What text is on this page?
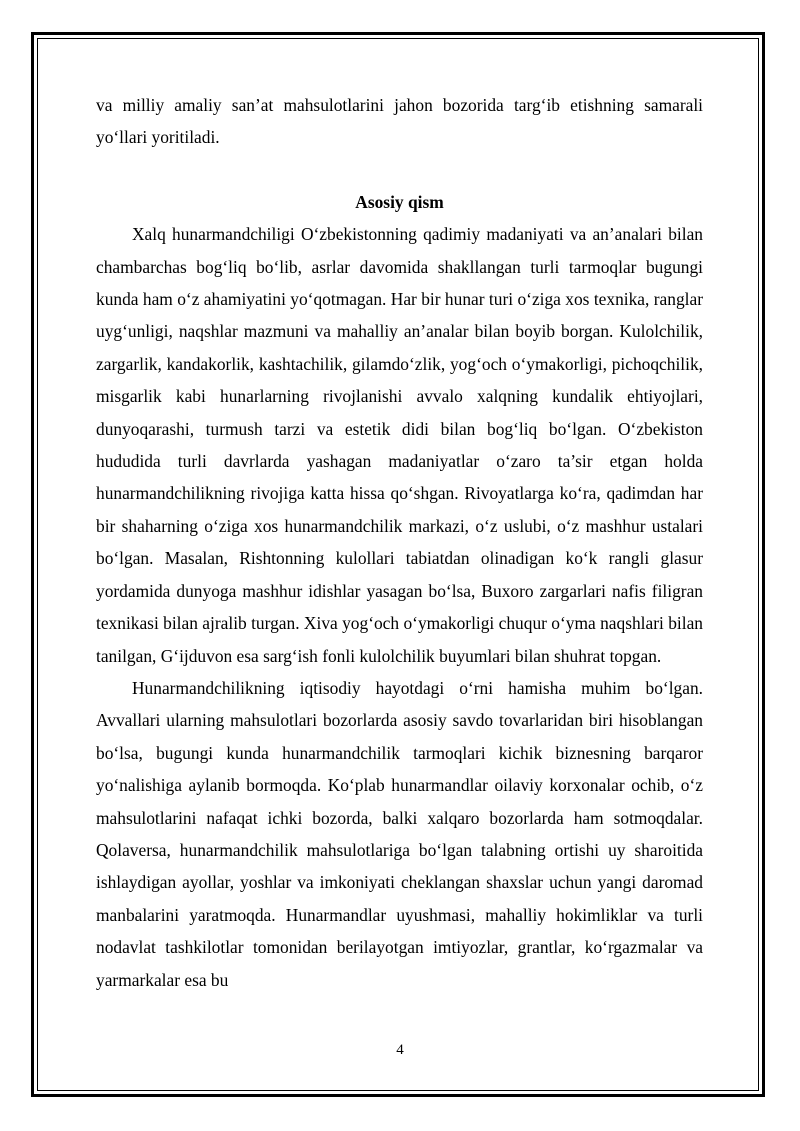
va milliy amaliy san’at mahsulotlarini jahon bozorida targ‘ib etishning samarali yo‘llari yoritiladi.

Asosiy qism

Xalq hunarmandchiligi O‘zbekistonning qadimiy madaniyati va an’analari bilan chambarchas bog‘liq bo‘lib, asrlar davomida shakllangan turli tarmoqlar bugungi kunda ham o‘z ahamiyatini yo‘qotmagan. Har bir hunar turi o‘ziga xos texnika, ranglar uyg‘unligi, naqshlar mazmuni va mahalliy an’analar bilan boyib borgan. Kulolchilik, zargarlik, kandakorlik, kashtachilik, gilamdo‘zlik, yog‘och o‘ymakorligi, pichoqchilik, misgarlik kabi hunarlarning rivojlanishi avvalo xalqning kundalik ehtiyojlari, dunyoqarashi, turmush tarzi va estetik didi bilan bog‘liq bo‘lgan. O‘zbekiston hududida turli davrlarda yashagan madaniyatlar o‘zaro ta’sir etgan holda hunarmandchilikning rivojiga katta hissa qo‘shgan. Rivoyatlarga ko‘ra, qadimdan har bir shaharning o‘ziga xos hunarmandchilik markazi, o‘z uslubi, o‘z mashhur ustalari bo‘lgan. Masalan, Rishtonning kulollari tabiatdan olinadigan ko‘k rangli glasur yordamida dunyoga mashhur idishlar yasagan bo‘lsa, Buxoro zargarlari nafis filigran texnikasi bilan ajralib turgan. Xiva yog‘och o‘ymakorligi chuqur o‘yma naqshlari bilan tanilgan, G‘ijduvon esa sarg‘ish fonli kulolchilik buyumlari bilan shuhrat topgan.

Hunarmandchilikning iqtisodiy hayotdagi o‘rni hamisha muhim bo‘lgan. Avvallari ularning mahsulotlari bozorlarda asosiy savdo tovarlaridan biri hisoblangan bo‘lsa, bugungi kunda hunarmandchilik tarmoqlari kichik biznesning barqaror yo‘nalishiga aylanib bormoqda. Ko‘plab hunarmandlar oilaviy korxonalar ochib, o‘z mahsulotlarini nafaqat ichki bozorda, balki xalqaro bozorlarda ham sotmoqdalar. Qolaversa, hunarmandchilik mahsulotlariga bo‘lgan talabning ortishi uy sharoitida ishlaydigan ayollar, yoshlar va imkoniyati cheklangan shaxslar uchun yangi daromad manbalarini yaratmoqda. Hunarmandlar uyushmasi, mahalliy hokimliklar va turli nodavlat tashkilotlar tomonidan berilayotgan imtiyozlar, grantlar, ko‘rgazmalar va yarmarkalar esa bu

4
